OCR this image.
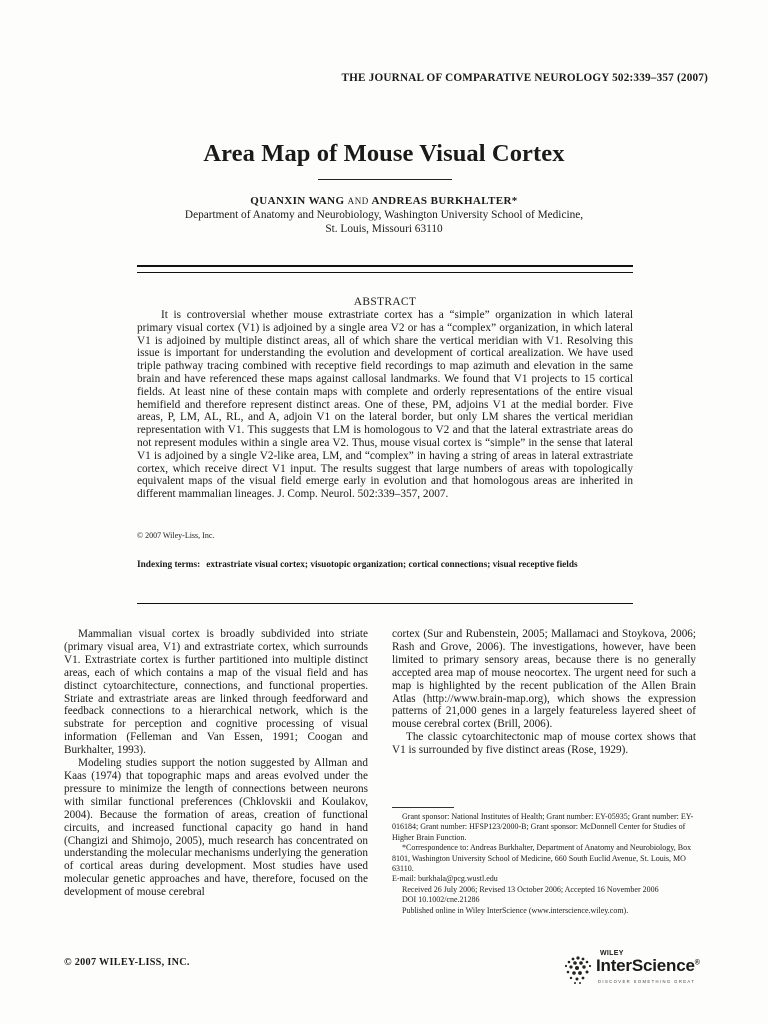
THE JOURNAL OF COMPARATIVE NEUROLOGY 502:339–357 (2007)
Area Map of Mouse Visual Cortex
QUANXIN WANG AND ANDREAS BURKHALTER*
Department of Anatomy and Neurobiology, Washington University School of Medicine,
St. Louis, Missouri 63110
ABSTRACT

It is controversial whether mouse extrastriate cortex has a “simple” organization in which lateral primary visual cortex (V1) is adjoined by a single area V2 or has a “complex” organization, in which lateral V1 is adjoined by multiple distinct areas, all of which share the vertical meridian with V1. Resolving this issue is important for understanding the evolution and development of cortical arealization. We have used triple pathway tracing combined with receptive field recordings to map azimuth and elevation in the same brain and have referenced these maps against callosal landmarks. We found that V1 projects to 15 cortical fields. At least nine of these contain maps with complete and orderly representations of the entire visual hemifield and therefore represent distinct areas. One of these, PM, adjoins V1 at the medial border. Five areas, P, LM, AL, RL, and A, adjoin V1 on the lateral border, but only LM shares the vertical meridian representation with V1. This suggests that LM is homologous to V2 and that the lateral extrastriate areas do not represent modules within a single area V2. Thus, mouse visual cortex is “simple” in the sense that lateral V1 is adjoined by a single V2-like area, LM, and “complex” in having a string of areas in lateral extrastriate cortex, which receive direct V1 input. The results suggest that large numbers of areas with topologically equivalent maps of the visual field emerge early in evolution and that homologous areas are inherited in different mammalian lineages. J. Comp. Neurol. 502:339–357, 2007.

© 2007 Wiley-Liss, Inc.
Indexing terms: extrastriate visual cortex; visuotopic organization; cortical connections; visual receptive fields

Mammalian visual cortex is broadly subdivided into striate (primary visual area, V1) and extrastriate cortex, which surrounds V1. Extrastriate cortex is further partitioned into multiple distinct areas, each of which contains a map of the visual field and has distinct cytoarchitecture, connections, and functional properties. Striate and extrastriate areas are linked through feedforward and feedback connections to a hierarchical network, which is the substrate for perception and cognitive processing of visual information (Felleman and Van Essen, 1991; Coogan and Burkhalter, 1993).

Modeling studies support the notion suggested by Allman and Kaas (1974) that topographic maps and areas evolved under the pressure to minimize the length of connections between neurons with similar functional preferences (Chklovskii and Koulakov, 2004). Because the formation of areas, creation of functional circuits, and increased functional capacity go hand in hand (Changizi and Shimojo, 2005), much research has concentrated on understanding the molecular mechanisms underlying the generation of cortical areas during development. Most studies have used molecular genetic approaches and have, therefore, focused on the development of mouse cerebral

cortex (Sur and Rubenstein, 2005; Mallamaci and Stoykova, 2006; Rash and Grove, 2006). The investigations, however, have been limited to primary sensory areas, because there is no generally accepted area map of mouse neocortex. The urgent need for such a map is highlighted by the recent publication of the Allen Brain Atlas (http://www.brain-map.org), which shows the expression patterns of 21,000 genes in a largely featureless layered sheet of mouse cerebral cortex (Brill, 2006).

The classic cytoarchitectonic map of mouse cortex shows that V1 is surrounded by five distinct areas (Rose, 1929).

Grant sponsor: National Institutes of Health; Grant number: EY-05935; Grant number: EY-016184; Grant number: HFSP123/2000-B; Grant sponsor: McDonnell Center for Studies of Higher Brain Function.

*Correspondence to: Andreas Burkhalter, Department of Anatomy and Neurobiology, Box 8101, Washington University School of Medicine, 660 South Euclid Avenue, St. Louis, MO 63110.

E-mail: burkhala@pcg.wustl.edu

Received 26 July 2006; Revised 13 October 2006; Accepted 16 November 2006

DOI 10.1002/cne.21286

Published online in Wiley InterScience (www.interscience.wiley.com).

© 2007 WILEY-LISS, INC.
WILEY
InterScience®
DISCOVER SOMETHING GREAT
